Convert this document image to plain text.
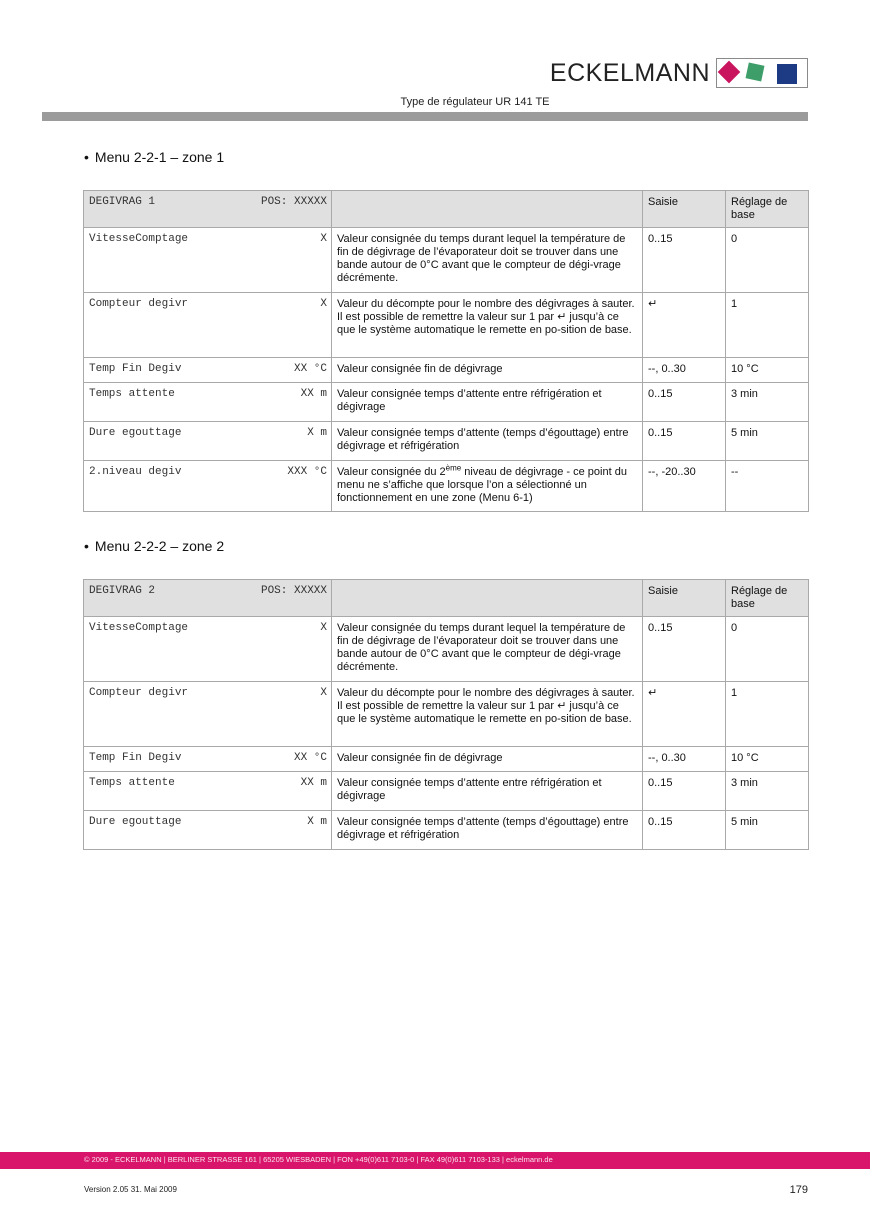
ECKELMANN
Type de régulateur UR 141 TE
• Menu 2-2-1 – zone 1
DEGIVRAG 1 POS: XXXXX		Saisie	Réglage de base

VitesseComptage X	Valeur consignée du temps durant lequel la température de fin de dégivrage de l’évaporateur doit se trouver dans une bande autour de 0°C avant que le compteur de dégi-vrage décrémente.	0..15	0

Compteur degivr X	Valeur du décompte pour le nombre des dégivrages à sauter. Il est possible de remettre la valeur sur 1 par ↵ jusqu’à ce que le système automatique le remette en po-sition de base.	↵	1

Temp Fin Degiv XX °C	Valeur consignée fin de dégivrage	--, 0..30	10 °C

Temps attente XX m	Valeur consignée temps d’attente entre réfrigération et dégivrage	0..15	3 min

Dure egouttage X m	Valeur consignée temps d’attente (temps d’égouttage) entre dégivrage et réfrigération	0..15	5 min

2.niveau degiv XXX °C	Valeur consignée du 2ème niveau de dégivrage - ce point du menu ne s’affiche que lorsque l’on a sélectionné un fonctionnement en une zone (Menu 6-1)	--, -20..30	--
• Menu 2-2-2 – zone 2
DEGIVRAG 2 POS: XXXXX		Saisie	Réglage de base

VitesseComptage X	Valeur consignée du temps durant lequel la température de fin de dégivrage de l’évaporateur doit se trouver dans une bande autour de 0°C avant que le compteur de dégi-vrage décrémente.	0..15	0

Compteur degivr X	Valeur du décompte pour le nombre des dégivrages à sauter. Il est possible de remettre la valeur sur 1 par ↵ jusqu’à ce que le système automatique le remette en po-sition de base.	↵	1

Temp Fin Degiv XX °C	Valeur consignée fin de dégivrage	--, 0..30	10 °C

Temps attente XX m	Valeur consignée temps d’attente entre réfrigération et dégivrage	0..15	3 min

Dure egouttage X m	Valeur consignée temps d’attente (temps d’égouttage) entre dégivrage et réfrigération	0..15	5 min
© 2009 - ECKELMANN | BERLINER STRASSE 161 | 65205 WIESBADEN | FON +49(0)611 7103-0 | FAX 49(0)611 7103-133 | eckelmann.de
Version 2.05 31. Mai 2009	179
